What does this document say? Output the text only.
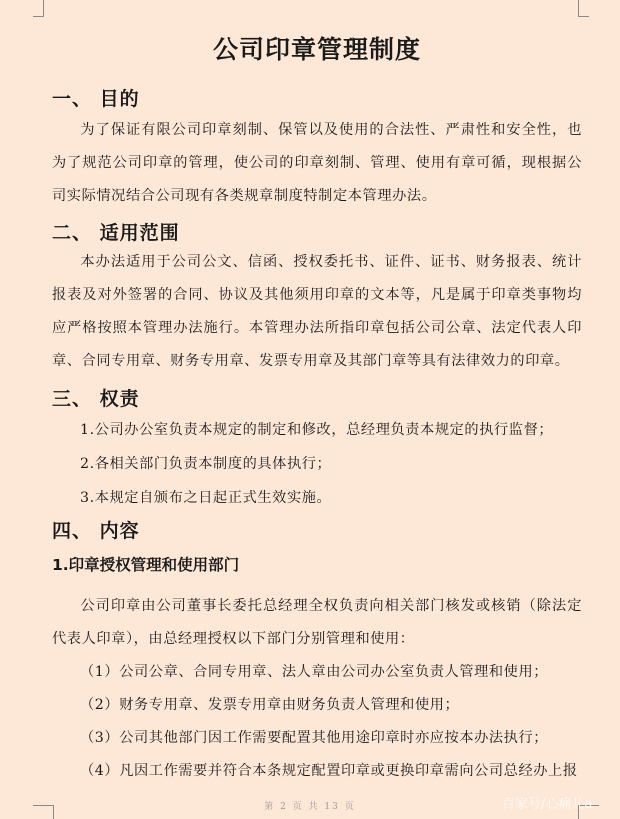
公司印章管理制度
一、 目的
为了保证有限公司印章刻制、保管以及使用的合法性、严肃性和安全性，也为了规范公司印章的管理，使公司的印章刻制、管理、使用有章可循，现根据公司实际情况结合公司现有各类规章制度特制定本管理办法。
二、 适用范围
本办法适用于公司公文、信函、授权委托书、证件、证书、财务报表、统计报表及对外签署的合同、协议及其他须用印章的文本等，凡是属于印章类事物均应严格按照本管理办法施行。本管理办法所指印章包括公司公章、法定代表人印章、合同专用章、财务专用章、发票专用章及其部门章等具有法律效力的印章。
三、 权责
1.公司办公室负责本规定的制定和修改，总经理负责本规定的执行监督；
2.各相关部门负责本制度的具体执行；
3.本规定自颁布之日起正式生效实施。
四、 内容
1.印章授权管理和使用部门
公司印章由公司董事长委托总经理全权负责向相关部门核发或核销（除法定代表人印章），由总经理授权以下部门分别管理和使用：
（1）公司公章、合同专用章、法人章由公司办公室负责人管理和使用；
（2）财务专用章、发票专用章由财务负责人管理和使用；
（3）公司其他部门因工作需要配置其他用途印章时亦应按本办法执行；
（4）凡因工作需要并符合本条规定配置印章或更换印章需向公司总经办上报
第 2 页 共 13 页	百家号/心痛儿a
